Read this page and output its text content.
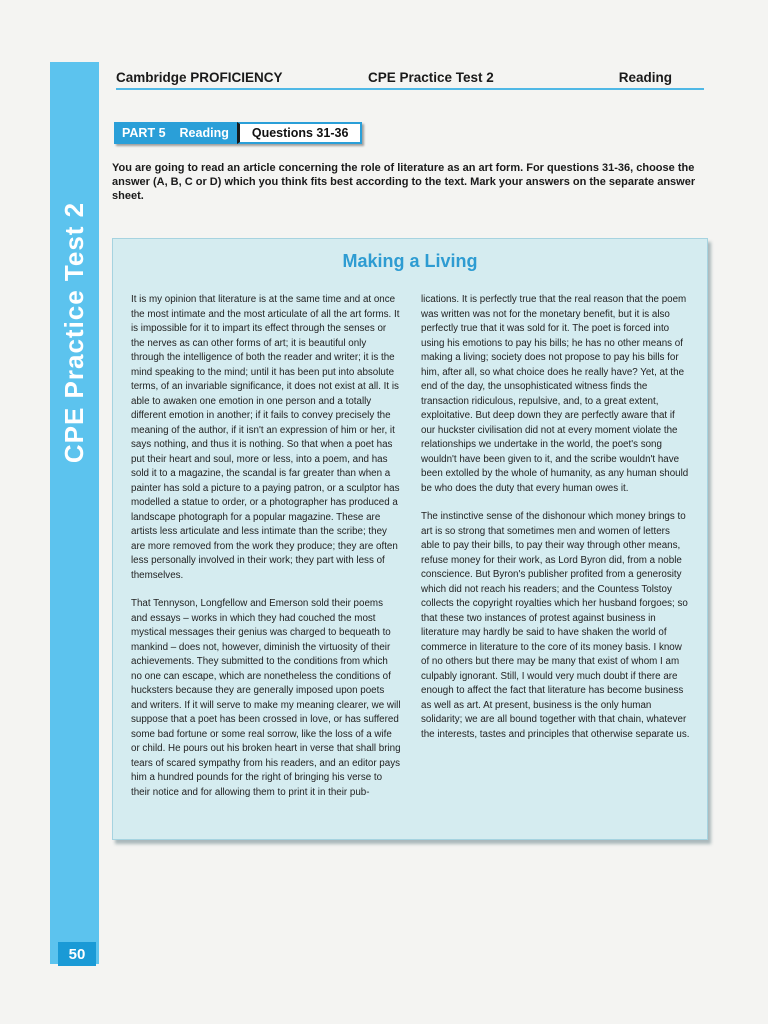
CPE Practice Test 2
50
Cambridge PROFICIENCY	CPE Practice Test 2	Reading
PART 5 Reading Questions 31-36
You are going to read an article concerning the role of literature as an art form. For questions 31-36, choose the answer (A, B, C or D) which you think fits best according to the text. Mark your answers on the separate answer sheet.
Making a Living

It is my opinion that literature is at the same time and at once the most intimate and the most articulate of all the art forms. It is impossible for it to impart its effect through the senses or the nerves as can other forms of art; it is beautiful only through the intelligence of both the reader and writer; it is the mind speaking to the mind; until it has been put into absolute terms, of an invariable significance, it does not exist at all. It is able to awaken one emotion in one person and a totally different emotion in another; if it fails to convey precisely the meaning of the author, if it isn't an expression of him or her, it says nothing, and thus it is nothing. So that when a poet has put their heart and soul, more or less, into a poem, and has sold it to a magazine, the scandal is far greater than when a painter has sold a picture to a paying patron, or a sculptor has modelled a statue to order, or a photographer has produced a landscape photograph for a popular magazine. These are artists less articulate and less intimate than the scribe; they are more removed from the work they produce; they are often less personally involved in their work; they part with less of themselves.

That Tennyson, Longfellow and Emerson sold their poems and essays – works in which they had couched the most mystical messages their genius was charged to bequeath to mankind – does not, however, diminish the virtuosity of their achievements. They submitted to the conditions from which no one can escape, which are nonetheless the conditions of hucksters because they are generally imposed upon poets and writers. If it will serve to make my meaning clearer, we will suppose that a poet has been crossed in love, or has suffered some bad fortune or some real sorrow, like the loss of a wife or child. He pours out his broken heart in verse that shall bring tears of scared sympathy from his readers, and an editor pays him a hundred pounds for the right of bringing his verse to their notice and for allowing them to print it in their pub-

lications. It is perfectly true that the real reason that the poem was written was not for the monetary benefit, but it is also perfectly true that it was sold for it. The poet is forced into using his emotions to pay his bills; he has no other means of making a living; society does not propose to pay his bills for him, after all, so what choice does he really have? Yet, at the end of the day, the unsophisticated witness finds the transaction ridiculous, repulsive, and, to a great extent, exploitative. But deep down they are perfectly aware that if our huckster civilisation did not at every moment violate the relationships we undertake in the world, the poet's song wouldn't have been given to it, and the scribe wouldn't have been extolled by the whole of humanity, as any human should be who does the duty that every human owes it.

The instinctive sense of the dishonour which money brings to art is so strong that sometimes men and women of letters able to pay their bills, to pay their way through other means, refuse money for their work, as Lord Byron did, from a noble conscience. But Byron's publisher profited from a generosity which did not reach his readers; and the Countess Tolstoy collects the copyright royalties which her husband forgoes; so that these two instances of protest against business in literature may hardly be said to have shaken the world of commerce in literature to the core of its money basis. I know of no others but there may be many that exist of whom I am culpably ignorant. Still, I would very much doubt if there are enough to affect the fact that literature has become business as well as art. At present, business is the only human solidarity; we are all bound together with that chain, whatever the interests, tastes and principles that otherwise separate us.
